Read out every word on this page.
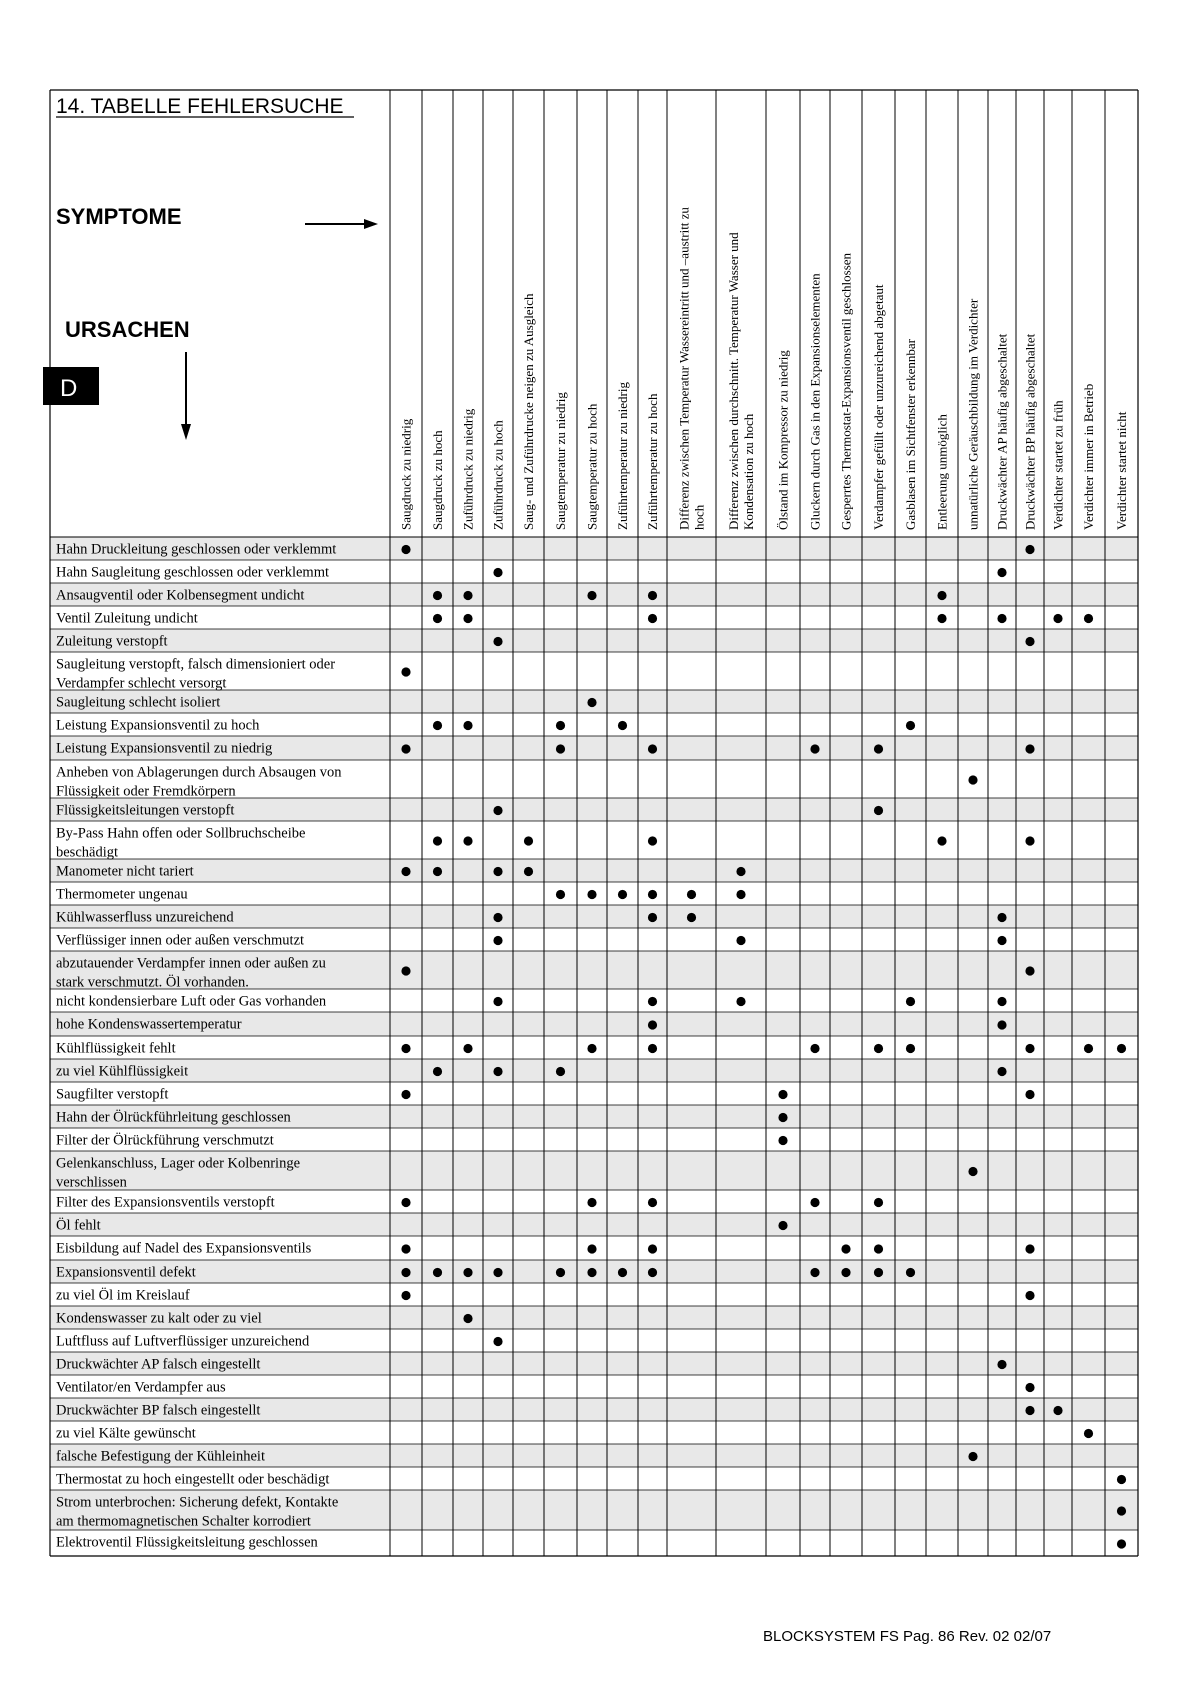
Saugdruck zu niedrig Saugdruck zu hoch Zuführdruck zu niedrig Zuführdruck zu hoch Saug- und Zuführdrucke neigen zu Ausgleich Saugtemperatur zu niedrig Saugtemperatur zu hoch Zuführtemperatur zu niedrig Zuführtemperatur zu hoch Differenz zwischen Temperatur Wassereintritt und –austritt zu hoch Differenz zwischen durchschnitt. Temperatur Wasser und Kondensation zu hoch Ölstand im Kompressor zu niedrig Gluckern durch Gas in den Expansionselementen Gesperrtes Thermostat-Expansionsventil geschlossen Verdampfer gefüllt oder unzureichend abgetaut Gasblasen im Sichtfenster erkennbar Entleerung unmöglich unnatürliche Geräuschbildung im Verdichter Druckwächter AP häufig abgeschaltet Druckwächter BP häufig abgeschaltet Verdichter startet zu früh Verdichter immer in Betrieb Verdichter startet nicht
Hahn Druckleitung geschlossen oder verklemmt
Hahn Saugleitung geschlossen oder verklemmt
Ansaugventil oder Kolbensegment undicht
Ventil Zuleitung undicht
Zuleitung verstopft
Saugleitung verstopft, falsch dimensioniert oder
Verdampfer schlecht versorgt
Saugleitung schlecht isoliert
Leistung Expansionsventil zu hoch
Leistung Expansionsventil zu niedrig
Anheben von Ablagerungen durch Absaugen von
Flüssigkeit oder Fremdkörpern
Flüssigkeitsleitungen verstopft
By-Pass Hahn offen oder Sollbruchscheibe
beschädigt
Manometer nicht tariert
Thermometer ungenau
Kühlwasserfluss unzureichend
Verflüssiger innen oder außen verschmutzt
abzutauender Verdampfer innen oder außen zu
stark verschmutzt. Öl vorhanden.
nicht kondensierbare Luft oder Gas vorhanden
hohe Kondenswassertemperatur
Kühlflüssigkeit fehlt
zu viel Kühlflüssigkeit
Saugfilter verstopft
Hahn der Ölrückführleitung geschlossen
Filter der Ölrückführung verschmutzt
Gelenkanschluss, Lager oder Kolbenringe
verschlissen
Filter des Expansionsventils verstopft
Öl fehlt
Eisbildung auf Nadel des Expansionsventils
Expansionsventil defekt
zu viel Öl im Kreislauf
Kondenswasser zu kalt oder zu viel
Luftfluss auf Luftverflüssiger unzureichend
Druckwächter AP falsch eingestellt
Ventilator/en Verdampfer aus
Druckwächter BP falsch eingestellt
zu viel Kälte gewünscht
falsche Befestigung der Kühleinheit
Thermostat zu hoch eingestellt oder beschädigt
Strom unterbrochen: Sicherung defekt, Kontakte
am thermomagnetischen Schalter korrodiert
Elektroventil Flüssigkeitsleitung geschlossen
14. TABELLE FEHLERSUCHE
SYMPTOME
URSACHEN
D
BLOCKSYSTEM FS Pag. 86 Rev. 02 02/07
